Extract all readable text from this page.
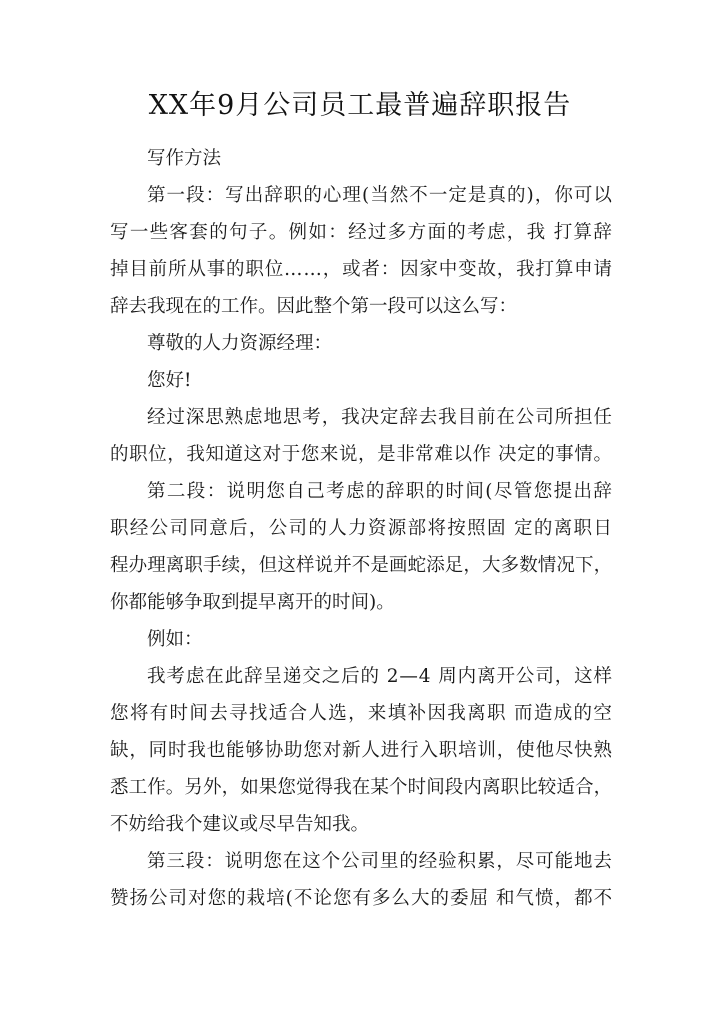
XX年9月公司员工最普遍辞职报告
写作方法
第一段：写出辞职的心理(当然不一定是真的)，你可以
写一些客套的句子。例如：经过多方面的考虑，我 打算辞
掉目前所从事的职位……，或者：因家中变故，我打算申请
辞去我现在的工作。因此整个第一段可以这么写：
尊敬的人力资源经理：
您好!
经过深思熟虑地思考，我决定辞去我目前在公司所担任
的职位，我知道这对于您来说，是非常难以作 决定的事情。
第二段：说明您自己考虑的辞职的时间(尽管您提出辞
职经公司同意后，公司的人力资源部将按照固 定的离职日
程办理离职手续，但这样说并不是画蛇添足，大多数情况下，
你都能够争取到提早离开的时间)。
例如：
我考虑在此辞呈递交之后的 2—4 周内离开公司，这样
您将有时间去寻找适合人选，来填补因我离职 而造成的空
缺，同时我也能够协助您对新人进行入职培训，使他尽快熟
悉工作。另外，如果您觉得我在某个时间段内离职比较适合，
不妨给我个建议或尽早告知我。
第三段：说明您在这个公司里的经验积累，尽可能地去
赞扬公司对您的栽培(不论您有多么大的委屈 和气愤，都不
